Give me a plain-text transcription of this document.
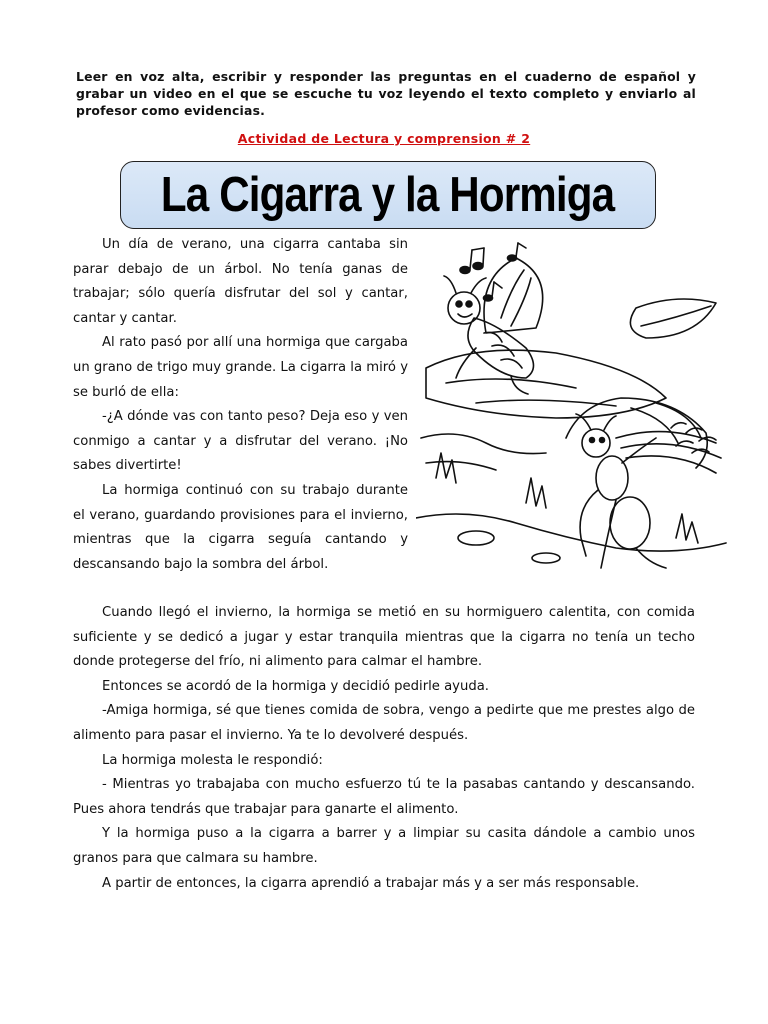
Leer en voz alta, escribir y responder las preguntas en el cuaderno de español y grabar un video en el que se escuche tu voz leyendo el texto completo y enviarlo al profesor como evidencias.
Actividad de Lectura y comprension # 2
La Cigarra y la Hormiga

Un día de verano, una cigarra cantaba sin parar debajo de un árbol. No tenía ganas de trabajar; sólo quería disfrutar del sol y cantar, cantar y cantar.

Al rato pasó por allí una hormiga que cargaba un grano de trigo muy grande. La cigarra la miró y se burló de ella:

-¿A dónde vas con tanto peso? Deja eso y ven conmigo a cantar y a disfrutar del verano. ¡No sabes divertirte!

La hormiga continuó con su trabajo durante el verano, guardando provisiones para el invierno, mientras que la cigarra seguía cantando y descansando bajo la sombra del árbol.

Cuando llegó el invierno, la hormiga se metió en su hormiguero calentita, con comida suficiente y se dedicó a jugar y estar tranquila mientras que la cigarra no tenía un techo donde protegerse del frío, ni alimento para calmar el hambre.

Entonces se acordó de la hormiga y decidió pedirle ayuda.

-Amiga hormiga, sé que tienes comida de sobra, vengo a pedirte que me prestes algo de alimento para pasar el invierno. Ya te lo devolveré después.

La hormiga molesta le respondió:

- Mientras yo trabajaba con mucho esfuerzo tú te la pasabas cantando y descansando. Pues ahora tendrás que trabajar para ganarte el alimento.

Y la hormiga puso a la cigarra a barrer y a limpiar su casita dándole a cambio unos granos para que calmara su hambre.

A partir de entonces, la cigarra aprendió a trabajar más y a ser más responsable.
